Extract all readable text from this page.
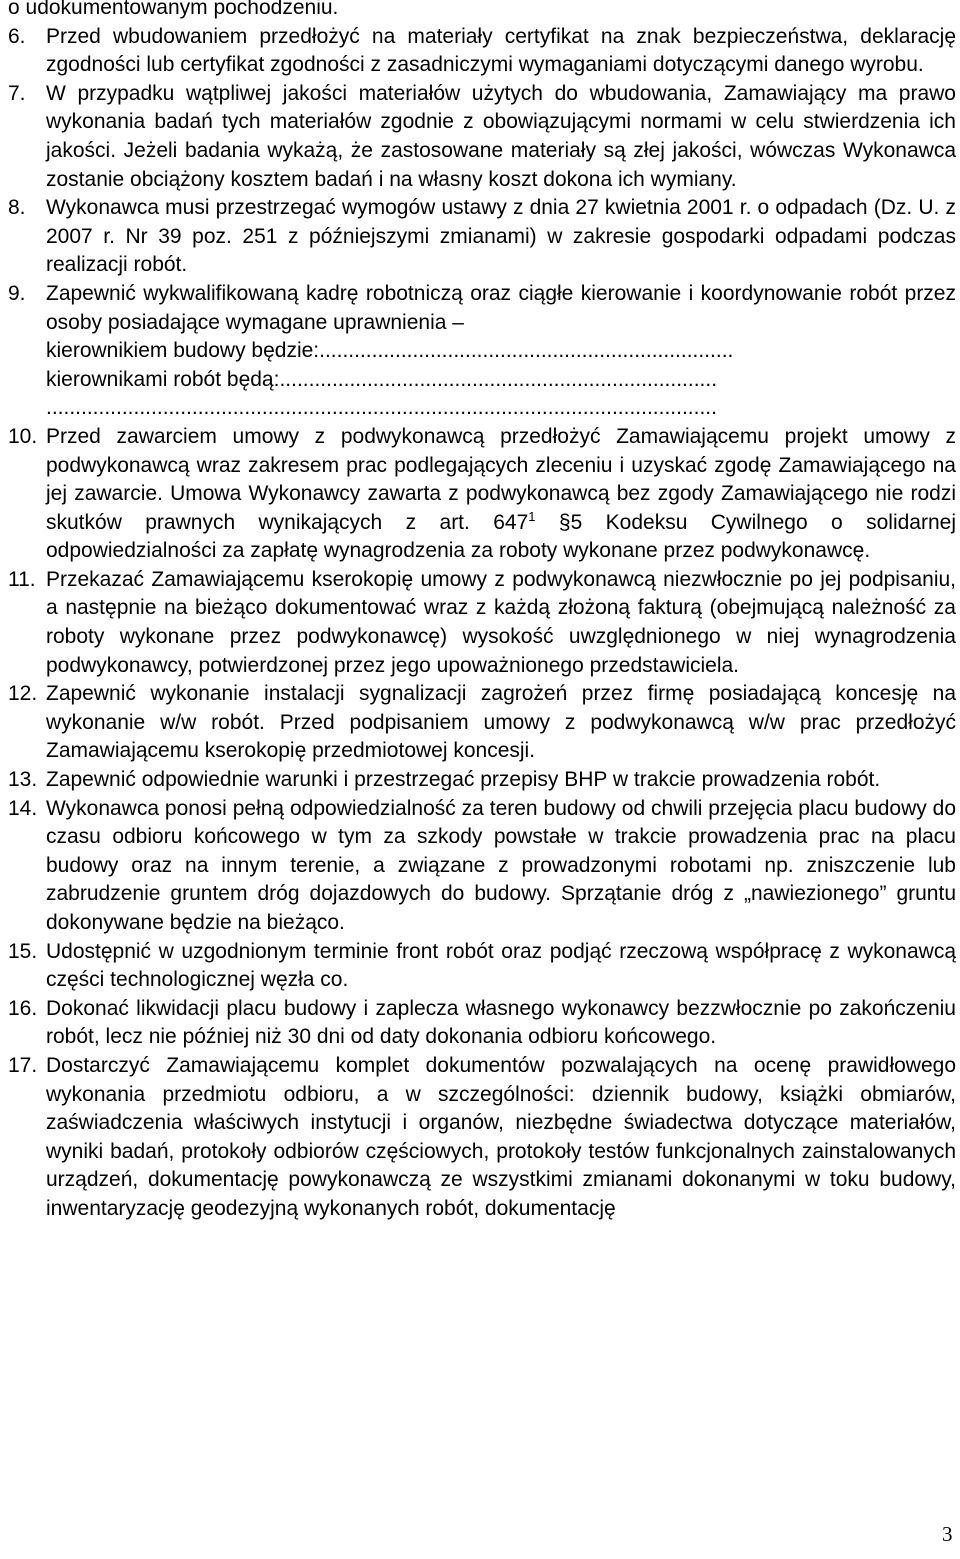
o udokumentowanym pochodzeniu.
6. Przed wbudowaniem przedłożyć na materiały certyfikat na znak bezpieczeństwa, deklarację zgodności lub certyfikat zgodności z zasadniczymi wymaganiami dotyczącymi danego wyrobu.
7. W przypadku wątpliwej jakości materiałów użytych do wbudowania, Zamawiający ma prawo wykonania badań tych materiałów zgodnie z obowiązującymi normami w celu stwierdzenia ich jakości. Jeżeli badania wykażą, że zastosowane materiały są złej jakości, wówczas Wykonawca zostanie obciążony kosztem badań i na własny koszt dokona ich wymiany.
8. Wykonawca musi przestrzegać wymogów ustawy z dnia 27 kwietnia 2001 r. o odpadach (Dz. U. z 2007 r. Nr 39 poz. 251 z późniejszymi zmianami) w zakresie gospodarki odpadami podczas realizacji robót.
9. Zapewnić wykwalifikowaną kadrę robotniczą oraz ciągłe kierowanie i koordynowanie robót przez osoby posiadające wymagane uprawnienia –
kierownikiem budowy będzie:.......................................................................
kierownikami robót będą:...........................................................................
...................................................................................................................
10. Przed zawarciem umowy z podwykonawcą przedłożyć Zamawiającemu projekt umowy z podwykonawcą wraz zakresem prac podlegających zleceniu i uzyskać zgodę Zamawiającego na jej zawarcie. Umowa Wykonawcy zawarta z podwykonawcą bez zgody Zamawiającego nie rodzi skutków prawnych wynikających z art. $647^1$ §5 Kodeksu Cywilnego o solidarnej odpowiedzialności za zapłatę wynagrodzenia za roboty wykonane przez podwykonawcę.
11. Przekazać Zamawiającemu kserokopię umowy z podwykonawcą niezwłocznie po jej podpisaniu, a następnie na bieżąco dokumentować wraz z każdą złożoną fakturą (obejmującą należność za roboty wykonane przez podwykonawcę) wysokość uwzględnionego w niej wynagrodzenia podwykonawcy, potwierdzonej przez jego upoważnionego przedstawiciela.
12. Zapewnić wykonanie instalacji sygnalizacji zagrożeń przez firmę posiadającą koncesję na wykonanie w/w robót. Przed podpisaniem umowy z podwykonawcą w/w prac przedłożyć Zamawiającemu kserokopię przedmiotowej koncesji.
13. Zapewnić odpowiednie warunki i przestrzegać przepisy BHP w trakcie prowadzenia robót.
14. Wykonawca ponosi pełną odpowiedzialność za teren budowy od chwili przejęcia placu budowy do czasu odbioru końcowego w tym za szkody powstałe w trakcie prowadzenia prac na placu budowy oraz na innym terenie, a związane z prowadzonymi robotami np. zniszczenie lub zabrudzenie gruntem dróg dojazdowych do budowy. Sprzątanie dróg z „nawiezionego” gruntu dokonywane będzie na bieżąco.
15. Udostępnić w uzgodnionym terminie front robót oraz podjąć rzeczową współpracę z wykonawcą części technologicznej węzła co.
16. Dokonać likwidacji placu budowy i zaplecza własnego wykonawcy bezzwłocznie po zakończeniu robót, lecz nie później niż 30 dni od daty dokonania odbioru końcowego.
17. Dostarczyć Zamawiającemu komplet dokumentów pozwalających na ocenę prawidłowego wykonania przedmiotu odbioru, a w szczególności: dziennik budowy, książki obmiarów, zaświadczenia właściwych instytucji i organów, niezbędne świadectwa dotyczące materiałów, wyniki badań, protokoły odbiorów częściowych, protokoły testów funkcjonalnych zainstalowanych urządzeń, dokumentację powykonawczą ze wszystkimi zmianami dokonanymi w toku budowy, inwentaryzację geodezyjną wykonanych robót, dokumentację
3
